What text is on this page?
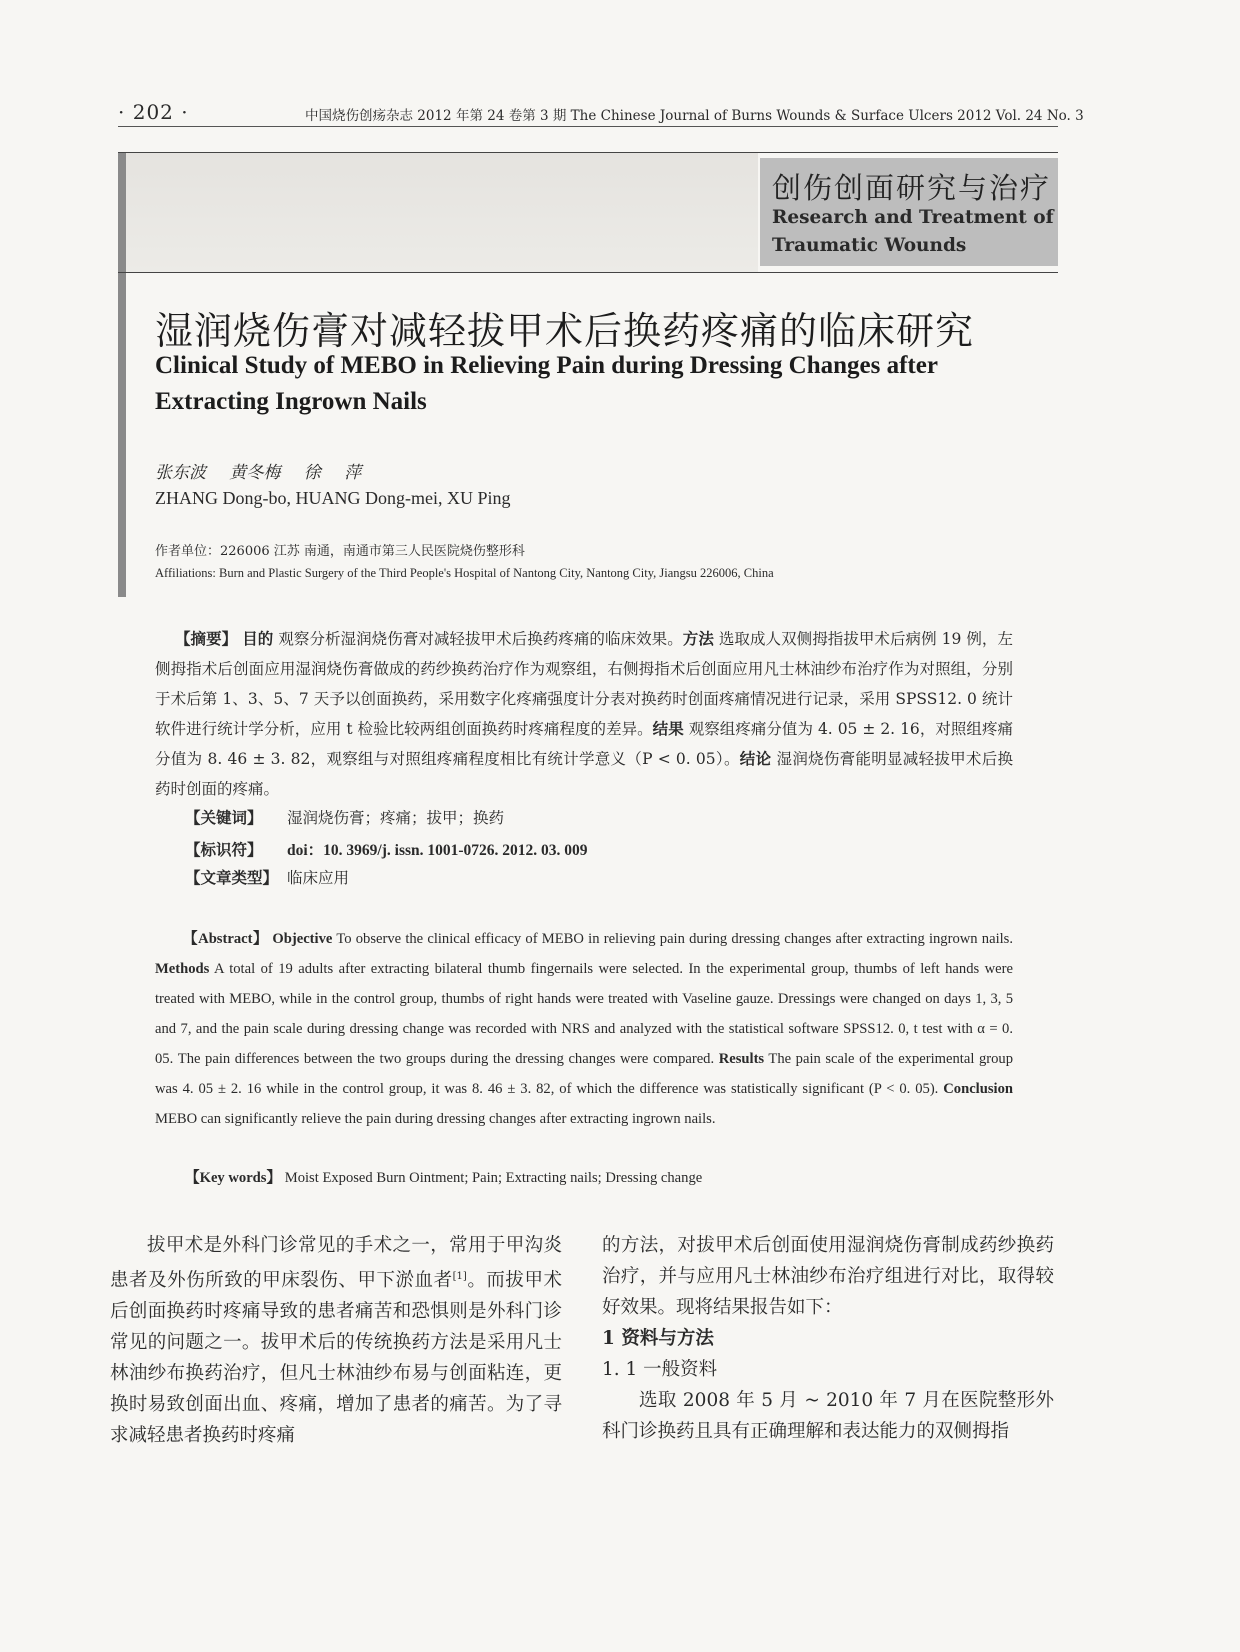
· 202 ·	中国烧伤创疡杂志 2012 年第 24 卷第 3 期 The Chinese Journal of Burns Wounds & Surface Ulcers 2012 Vol. 24 No. 3
创伤创面研究与治疗
Research and Treatment of
Traumatic Wounds
湿润烧伤膏对减轻拔甲术后换药疼痛的临床研究
Clinical Study of MEBO in Relieving Pain during Dressing Changes after Extracting Ingrown Nails
张东波 黄冬梅 徐 萍
ZHANG Dong-bo, HUANG Dong-mei, XU Ping
作者单位：226006 江苏 南通，南通市第三人民医院烧伤整形科
Affiliations: Burn and Plastic Surgery of the Third People's Hospital of Nantong City, Nantong City, Jiangsu 226006, China
【摘要】 目的 观察分析湿润烧伤膏对减轻拔甲术后换药疼痛的临床效果。方法 选取成人双侧拇指拔甲术后病例 19 例，左侧拇指术后创面应用湿润烧伤膏做成的药纱换药治疗作为观察组，右侧拇指术后创面应用凡士林油纱布治疗作为对照组，分别于术后第 1、3、5、7 天予以创面换药，采用数字化疼痛强度计分表对换药时创面疼痛情况进行记录，采用 SPSS12. 0 统计软件进行统计学分析，应用 t 检验比较两组创面换药时疼痛程度的差异。结果 观察组疼痛分值为 4. 05 ± 2. 16，对照组疼痛分值为 8. 46 ± 3. 82，观察组与对照组疼痛程度相比有统计学意义（P < 0. 05）。结论 湿润烧伤膏能明显减轻拔甲术后换药时创面的疼痛。
【关键词】 湿润烧伤膏；疼痛；拔甲；换药
【标识符】 doi：10. 3969/j. issn. 1001-0726. 2012. 03. 009
【文章类型】 临床应用
【Abstract】 Objective To observe the clinical efficacy of MEBO in relieving pain during dressing changes after extracting ingrown nails. Methods A total of 19 adults after extracting bilateral thumb fingernails were selected. In the experimental group, thumbs of left hands were treated with MEBO, while in the control group, thumbs of right hands were treated with Vaseline gauze. Dressings were changed on days 1, 3, 5 and 7, and the pain scale during dressing change was recorded with NRS and analyzed with the statistical software SPSS12. 0, t test with α = 0. 05. The pain differences between the two groups during the dressing changes were compared. Results The pain scale of the experimental group was 4. 05 ± 2. 16 while in the control group, it was 8. 46 ± 3. 82, of which the difference was statistically significant (P < 0. 05). Conclusion MEBO can significantly relieve the pain during dressing changes after extracting ingrown nails.
【Key words】 Moist Exposed Burn Ointment; Pain; Extracting nails; Dressing change
拔甲术是外科门诊常见的手术之一，常用于甲沟炎患者及外伤所致的甲床裂伤、甲下淤血者[1]。而拔甲术后创面换药时疼痛导致的患者痛苦和恐惧则是外科门诊常见的问题之一。拔甲术后的传统换药方法是采用凡士林油纱布换药治疗，但凡士林油纱布易与创面粘连，更换时易致创面出血、疼痛，增加了患者的痛苦。为了寻求减轻患者换药时疼痛
的方法，对拔甲术后创面使用湿润烧伤膏制成药纱换药治疗，并与应用凡士林油纱布治疗组进行对比，取得较好效果。现将结果报告如下：
1 资料与方法
1. 1 一般资料
选取 2008 年 5 月 ~ 2010 年 7 月在医院整形外科门诊换药且具有正确理解和表达能力的双侧拇指
